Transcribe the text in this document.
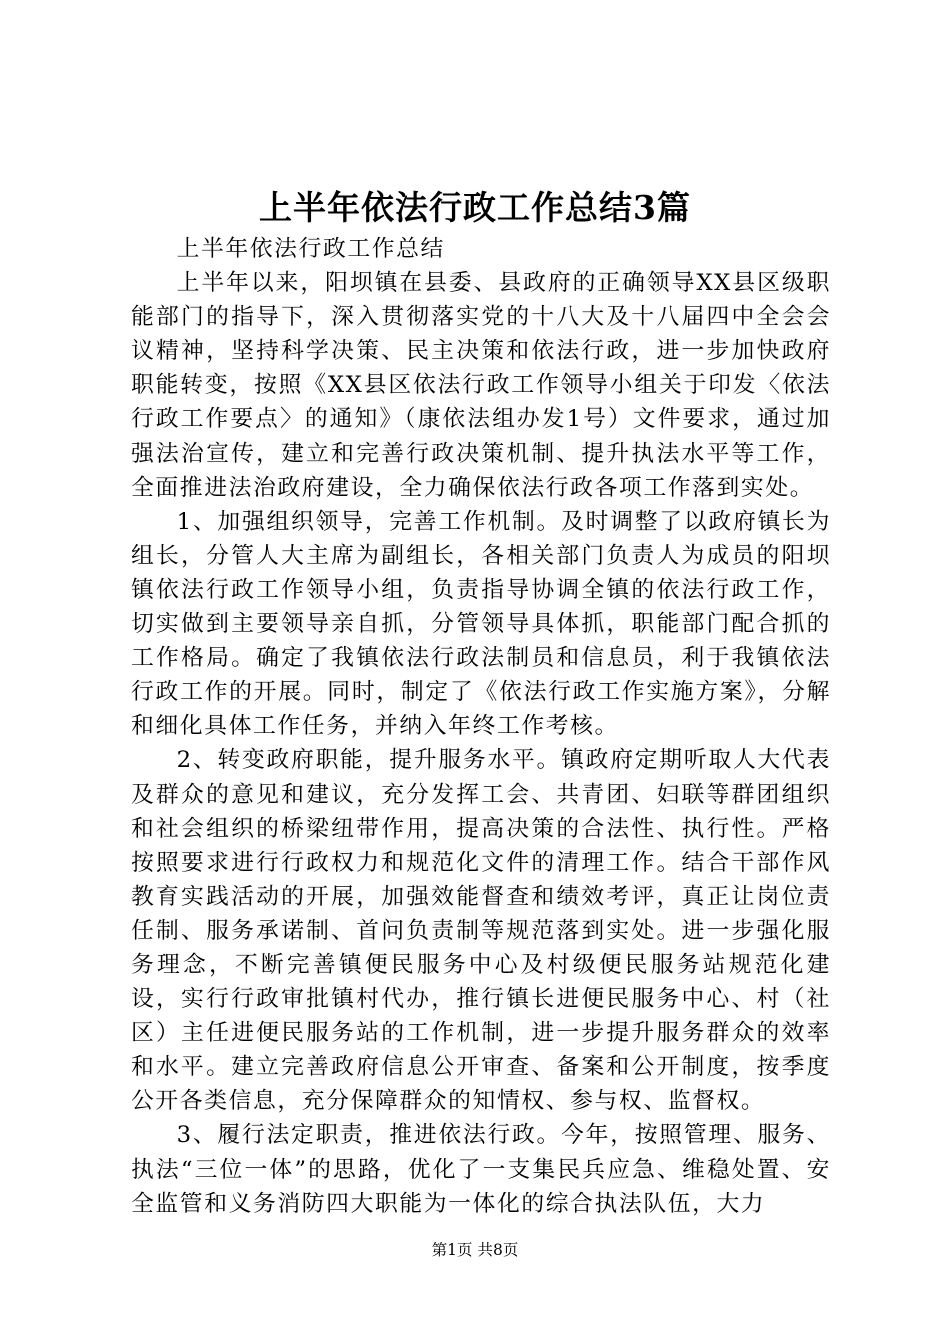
上半年依法行政工作总结3篇

上半年依法行政工作总结

上半年以来，阳坝镇在县委、县政府的正确领导XX县区级职能部门的指导下，深入贯彻落实党的十八大及十八届四中全会会议精神，坚持科学决策、民主决策和依法行政，进一步加快政府职能转变，按照《XX县区依法行政工作领导小组关于印发〈依法行政工作要点〉的通知》（康依法组办发1号）文件要求，通过加强法治宣传，建立和完善行政决策机制、提升执法水平等工作，全面推进法治政府建设，全力确保依法行政各项工作落到实处。

1、加强组织领导，完善工作机制。及时调整了以政府镇长为组长，分管人大主席为副组长，各相关部门负责人为成员的阳坝镇依法行政工作领导小组，负责指导协调全镇的依法行政工作，切实做到主要领导亲自抓，分管领导具体抓，职能部门配合抓的工作格局。确定了我镇依法行政法制员和信息员，利于我镇依法行政工作的开展。同时，制定了《依法行政工作实施方案》，分解和细化具体工作任务，并纳入年终工作考核。

2、转变政府职能，提升服务水平。镇政府定期听取人大代表及群众的意见和建议，充分发挥工会、共青团、妇联等群团组织和社会组织的桥梁纽带作用，提高决策的合法性、执行性。严格按照要求进行行政权力和规范化文件的清理工作。结合干部作风教育实践活动的开展，加强效能督查和绩效考评，真正让岗位责任制、服务承诺制、首问负责制等规范落到实处。进一步强化服务理念，不断完善镇便民服务中心及村级便民服务站规范化建设，实行行政审批镇村代办，推行镇长进便民服务中心、村（社区）主任进便民服务站的工作机制，进一步提升服务群众的效率和水平。建立完善政府信息公开审查、备案和公开制度，按季度公开各类信息，充分保障群众的知情权、参与权、监督权。

3、履行法定职责，推进依法行政。今年，按照管理、服务、执法“三位一体”的思路，优化了一支集民兵应急、维稳处置、安全监管和义务消防四大职能为一体化的综合执法队伍，大力

第1页 共8页
